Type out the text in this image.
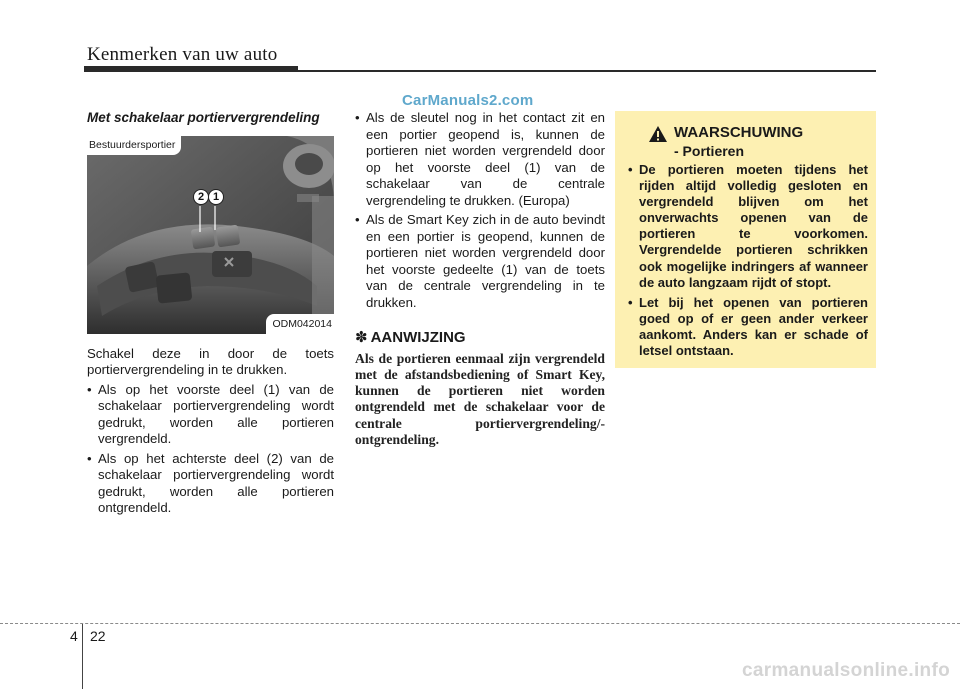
Kenmerken van uw auto
CarManuals2.com

Met schakelaar portiervergrendeling

Bestuurdersportier
2 1
ODM042014

Schakel deze in door de toets portiervergrendeling in te drukken.

• Als op het voorste deel (1) van de schakelaar portiervergrendeling wordt gedrukt, worden alle portieren vergrendeld.
• Als op het achterste deel (2) van de schakelaar portiervergrendeling wordt gedrukt, worden alle portieren ontgrendeld.
• Als de sleutel nog in het contact zit en een portier geopend is, kunnen de portieren niet worden vergrendeld door op het voorste deel (1) van de schakelaar van de centrale vergrendeling te drukken. (Europa)
• Als de Smart Key zich in de auto bevindt en een portier is geopend, kunnen de portieren niet worden vergrendeld door het voorste gedeelte (1) van de toets van de centrale vergrendeling in te drukken.
✽ AANWIJZING

Als de portieren eenmaal zijn vergrendeld met de afstandsbediening of Smart Key, kunnen de portieren niet worden ontgrendeld met de schakelaar voor de centrale portiervergrendeling/-ontgrendeling.

WAARSCHUWING
- Portieren
• De portieren moeten tijdens het rijden altijd volledig gesloten en vergrendeld blijven om het onverwachts openen van de portieren te voorkomen. Vergrendelde portieren schrikken ook mogelijke indringers af wanneer de auto langzaam rijdt of stopt.
• Let bij het openen van portieren goed op of er geen ander verkeer aankomt. Anders kan er schade of letsel ontstaan.
4 22
carmanualsonline.info
